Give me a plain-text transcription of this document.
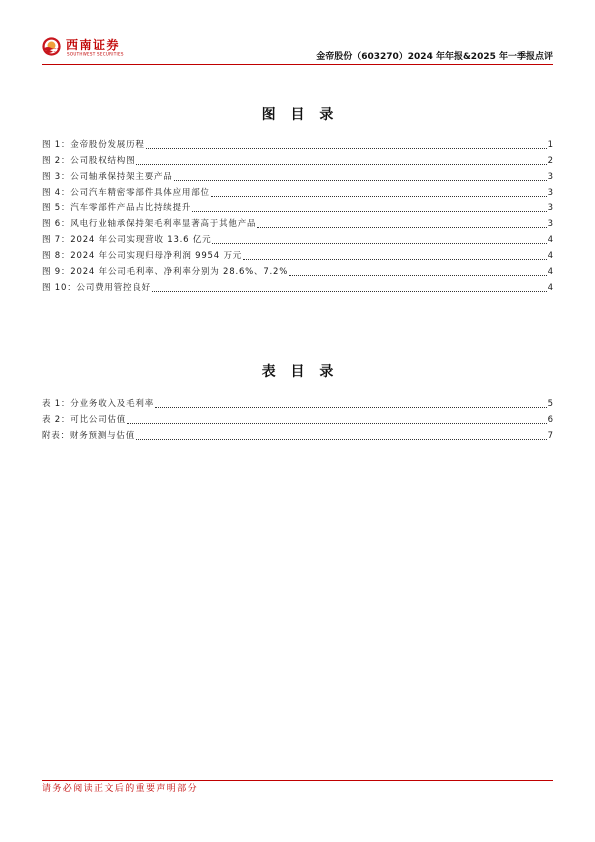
西南证券
SOUTHWEST SECURITIES	金帝股份（603270）2024 年年报&2025 年一季报点评
图 目 录
图 1：金帝股份发展历程	1
图 2：公司股权结构图	2
图 3：公司轴承保持架主要产品	3
图 4：公司汽车精密零部件具体应用部位	3
图 5：汽车零部件产品占比持续提升	3
图 6：风电行业轴承保持架毛利率显著高于其他产品	3
图 7：2024 年公司实现营收 13.6 亿元	4
图 8：2024 年公司实现归母净利润 9954 万元	4
图 9：2024 年公司毛利率、净利率分别为 28.6%、7.2%	4
图 10：公司费用管控良好	4
表 目 录
表 1：分业务收入及毛利率	5
表 2：可比公司估值	6
附表：财务预测与估值	7
请务必阅读正文后的重要声明部分
